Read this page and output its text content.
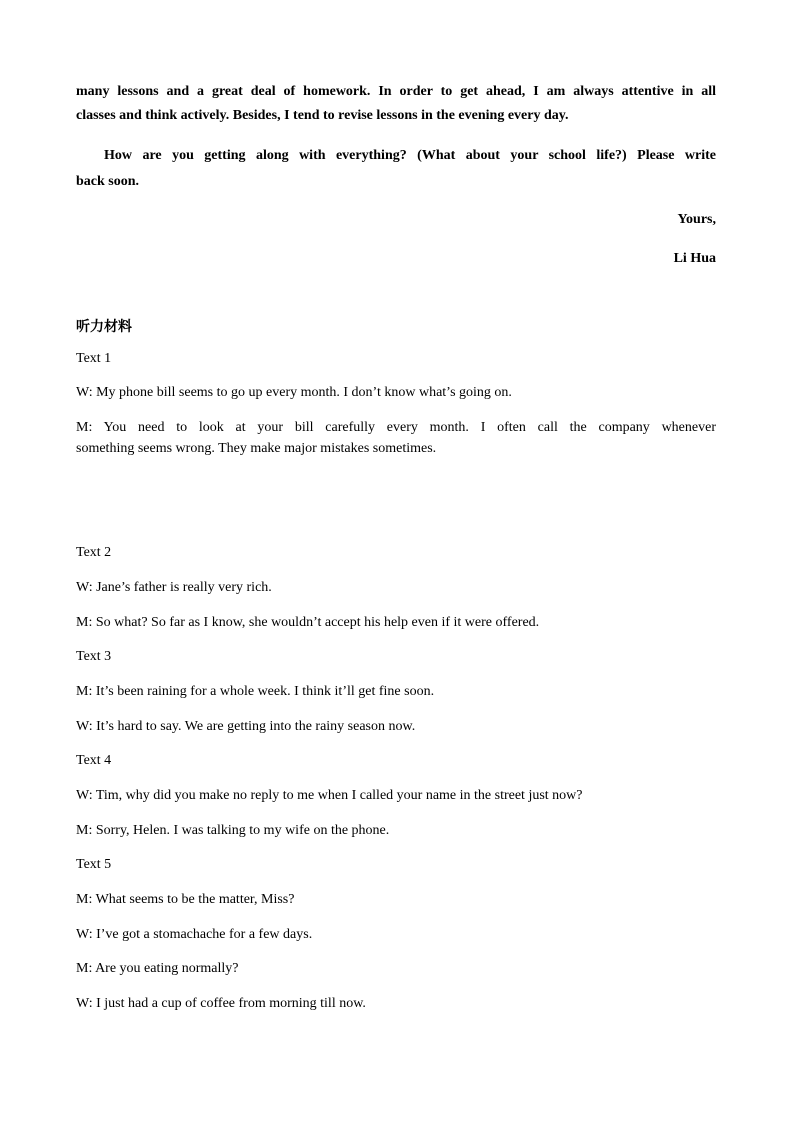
many lessons and a great deal of homework. In order to get ahead, I am always attentive in all
classes and think actively. Besides, I tend to revise lessons in the evening every day.
How are you getting along with everything? (What about your school life?) Please write
back soon.
Yours,
Li Hua
听力材料
Text 1
W: My phone bill seems to go up every month. I don’t know what’s going on.
M: You need to look at your bill carefully every month. I often call the company whenever
something seems wrong. They make major mistakes sometimes.
Text 2
W: Jane’s father is really very rich.
M: So what? So far as I know, she wouldn’t accept his help even if it were offered.
Text 3
M: It’s been raining for a whole week. I think it’ll get fine soon.
W: It’s hard to say. We are getting into the rainy season now.
Text 4
W: Tim, why did you make no reply to me when I called your name in the street just now?
M: Sorry, Helen. I was talking to my wife on the phone.
Text 5
M: What seems to be the matter, Miss?
W: I’ve got a stomachache for a few days.
M: Are you eating normally?
W: I just had a cup of coffee from morning till now.
